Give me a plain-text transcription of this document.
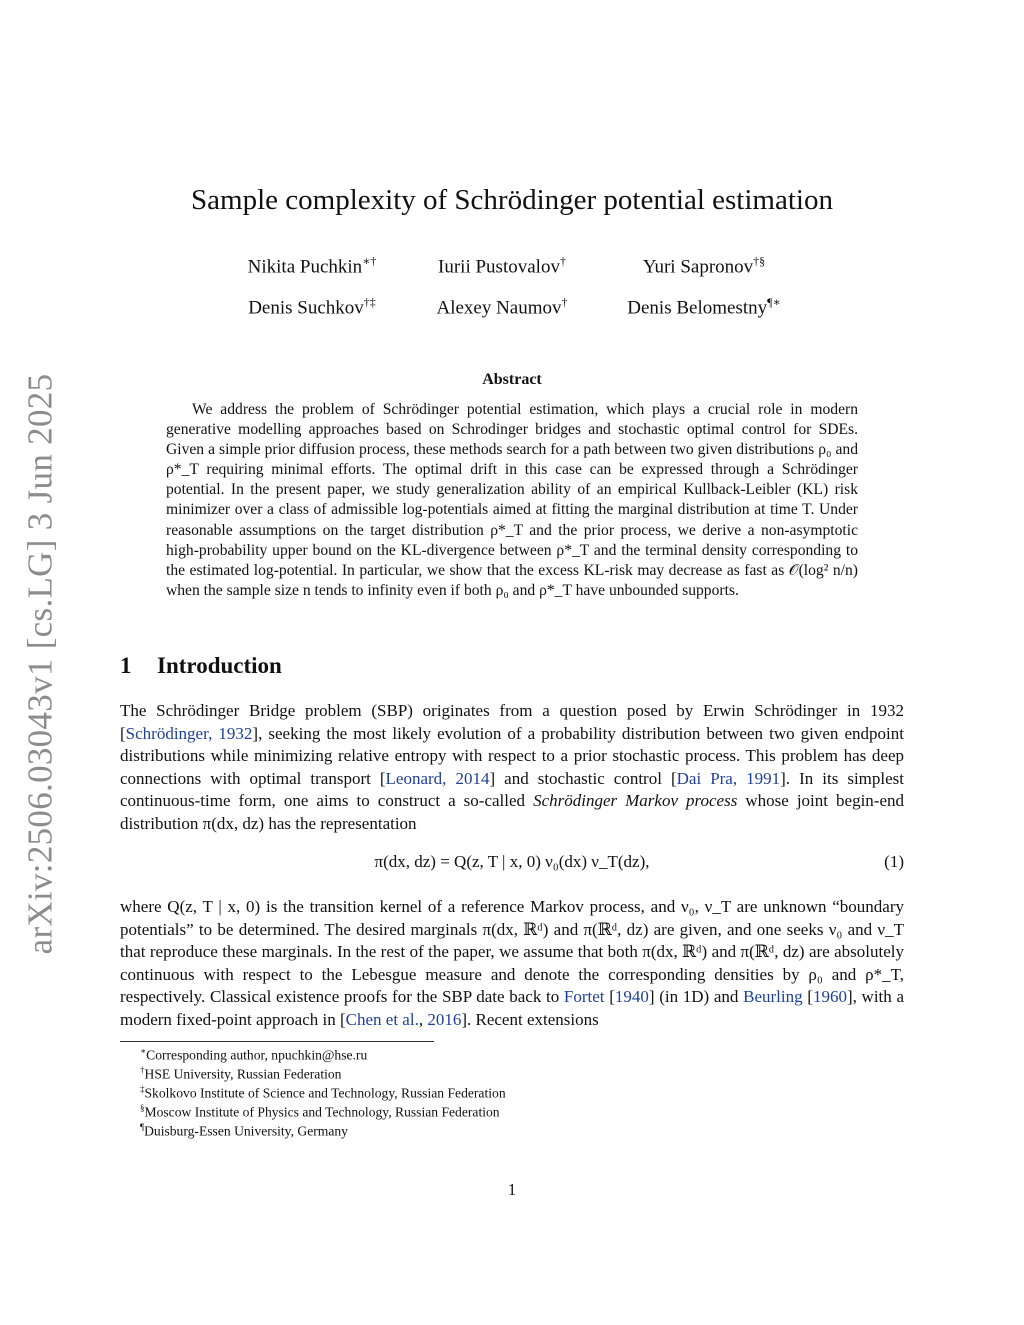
arXiv:2506.03043v1 [cs.LG] 3 Jun 2025
Sample complexity of Schrödinger potential estimation
Nikita Puchkin∗†	Iurii Pustovalov†	Yuri Sapronov†§
Denis Suchkov†‡	Alexey Naumov†	Denis Belomestny¶∗
Abstract

We address the problem of Schrödinger potential estimation, which plays a crucial role in modern generative modelling approaches based on Schrodinger bridges and stochastic optimal control for SDEs. Given a simple prior diffusion process, these methods search for a path between two given distributions ρ₀ and ρ*_T requiring minimal efforts. The optimal drift in this case can be expressed through a Schrödinger potential. In the present paper, we study generalization ability of an empirical Kullback-Leibler (KL) risk minimizer over a class of admissible log-potentials aimed at fitting the marginal distribution at time T. Under reasonable assumptions on the target distribution ρ*_T and the prior process, we derive a non-asymptotic high-probability upper bound on the KL-divergence between ρ*_T and the terminal density corresponding to the estimated log-potential. In particular, we show that the excess KL-risk may decrease as fast as 𝒪(log² n/n) when the sample size n tends to infinity even if both ρ₀ and ρ*_T have unbounded supports.

1 Introduction

The Schrödinger Bridge problem (SBP) originates from a question posed by Erwin Schrödinger in 1932 [Schrödinger, 1932], seeking the most likely evolution of a probability distribution between two given endpoint distributions while minimizing relative entropy with respect to a prior stochastic process. This problem has deep connections with optimal transport [Leonard, 2014] and stochastic control [Dai Pra, 1991]. In its simplest continuous-time form, one aims to construct a so-called Schrödinger Markov process whose joint begin-end distribution π(dx, dz) has the representation

π(dx, dz) = Q(z, T | x, 0) ν₀(dx) ν_T(dz),	(1)

where Q(z, T | x, 0) is the transition kernel of a reference Markov process, and ν₀, ν_T are unknown “boundary potentials” to be determined. The desired marginals π(dx, ℝᵈ) and π(ℝᵈ, dz) are given, and one seeks ν₀ and ν_T that reproduce these marginals. In the rest of the paper, we assume that both π(dx, ℝᵈ) and π(ℝᵈ, dz) are absolutely continuous with respect to the Lebesgue measure and denote the corresponding densities by ρ₀ and ρ*_T, respectively. Classical existence proofs for the SBP date back to Fortet [1940] (in 1D) and Beurling [1960], with a modern fixed-point approach in [Chen et al., 2016]. Recent extensions

∗Corresponding author, npuchkin@hse.ru

†HSE University, Russian Federation

‡Skolkovo Institute of Science and Technology, Russian Federation

§Moscow Institute of Physics and Technology, Russian Federation

¶Duisburg-Essen University, Germany

1
